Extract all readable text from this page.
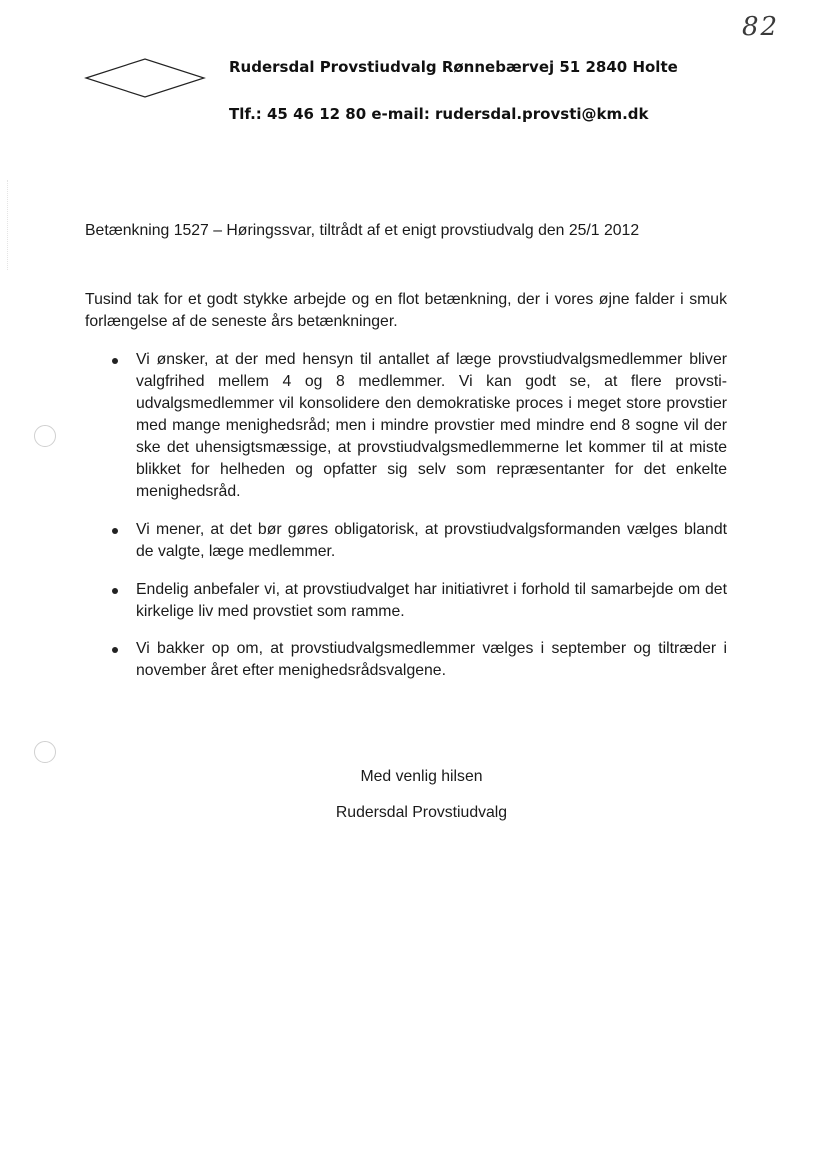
82
Rudersdal Provstiudvalg Rønnebærvej 51 2840 Holte
Tlf.: 45 46 12 80 e-mail: rudersdal.provsti@km.dk
Betænkning 1527 – Høringssvar, tiltrådt af et enigt provstiudvalg den 25/1 2012
Tusind tak for et godt stykke arbejde og en flot betænkning, der i vores øjne falder i smuk forlængelse af de seneste års betænkninger.
Vi ønsker, at der med hensyn til antallet af læge provstiudvalgsmedlemmer bliver valgfrihed mellem 4 og 8 medlemmer. Vi kan godt se, at flere provsti-udvalgsmedlemmer vil konsolidere den demokratiske proces i meget store provstier med mange menighedsråd; men i mindre provstier med mindre end 8 sogne vil der ske det uhensigtsmæssige, at provstiudvalgsmedlemmerne let kommer til at miste blikket for helheden og opfatter sig selv som repræsentanter for det enkelte menighedsråd.
Vi mener, at det bør gøres obligatorisk, at provstiudvalgsformanden vælges blandt de valgte, læge medlemmer.
Endelig anbefaler vi, at provstiudvalget har initiativret i forhold til samarbejde om det kirkelige liv med provstiet som ramme.
Vi bakker op om, at provstiudvalgsmedlemmer vælges i september og tiltræder i november året efter menighedsrådsvalgene.
Med venlig hilsen
Rudersdal Provstiudvalg
